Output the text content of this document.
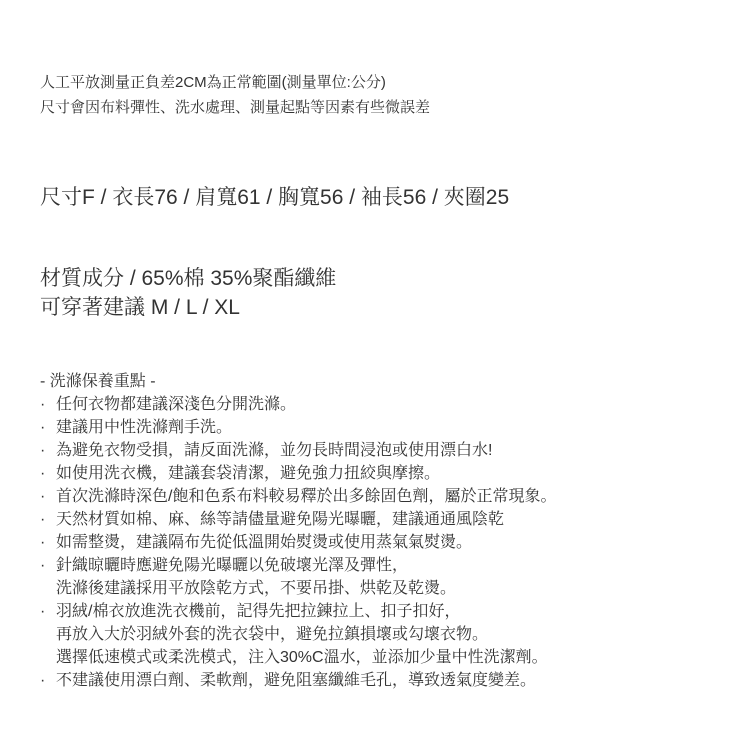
人工平放測量正負差2CM為正常範圍(測量單位:公分)
尺寸會因布料彈性、洗水處理、測量起點等因素有些微誤差
尺寸F / 衣長76 / 肩寬61 / 胸寬56 / 袖長56 / 夾圈25
材質成分 / 65%棉 35%聚酯纖維
可穿著建議 M / L / XL
- 洗滌保養重點 -
· 任何衣物都建議深淺色分開洗滌。
· 建議用中性洗滌劑手洗。
· 為避免衣物受損，請反面洗滌，並勿長時間浸泡或使用漂白水!
· 如使用洗衣機，建議套袋清潔，避免強力扭絞與摩擦。
· 首次洗滌時深色/飽和色系布料較易釋於出多餘固色劑，屬於正常現象。
· 天然材質如棉、麻、絲等請儘量避免陽光曝曬，建議通通風陰乾
· 如需整燙，建議隔布先從低溫開始熨燙或使用蒸氣氣熨燙。
· 針織晾曬時應避免陽光曝曬以免破壞光澤及彈性，
洗滌後建議採用平放陰乾方式，不要吊掛、烘乾及乾燙。
· 羽絨/棉衣放進洗衣機前，記得先把拉鍊拉上、扣子扣好，
再放入大於羽絨外套的洗衣袋中，避免拉鎮損壞或勾壞衣物。
選擇低速模式或柔洗模式，注入30%C溫水，並添加少量中性洗潔劑。
· 不建議使用漂白劑、柔軟劑，避免阻塞纖維毛孔，導致透氣度變差。
